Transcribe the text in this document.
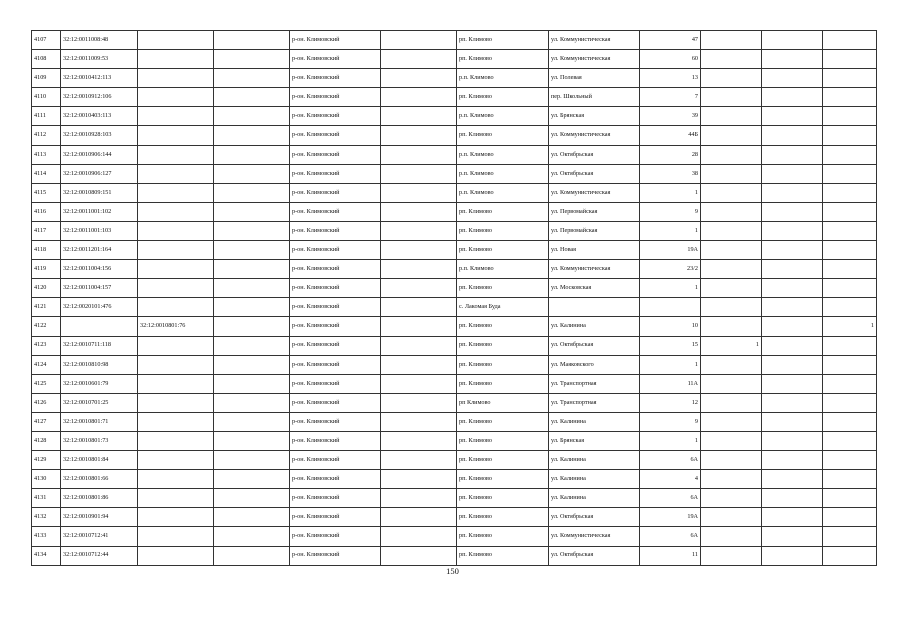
4107	32:12:0011008:48			р-он. Климовский		рп. Климово	ул. Коммунистическая	47			
4108	32:12:0011009:53			р-он. Климовский		рп. Климово	ул. Коммунистическая	60			
4109	32:12:0010412:113			р-он. Климовский		р.п. Климово	ул. Полевая	13			
4110	32:12:0010912:106			р-он. Климовский		рп. Климово	пер. Школьный	7			
4111	32:12:0010403:113			р-он. Климовский		р.п. Климово	ул. Брянская	39			
4112	32:12:0010928:103			р-он. Климовский		рп. Климово	ул. Коммунистическая	44Б			
4113	32:12:0010906:144			р-он. Климовский		р.п. Климово	ул. Октябрьская	28			
4114	32:12:0010906:127			р-он. Климовский		р.п. Климово	ул. Октябрьская	38			
4115	32:12:0010809:151			р-он. Климовский		р.п. Климово	ул. Коммунистическая	1			
4116	32:12:0011001:102			р-он. Климовский		рп. Климово	ул. Первомайская	9			
4117	32:12:0011001:103			р-он. Климовский		рп. Климово	ул. Первомайская	1			
4118	32:12:0011201:164			р-он. Климовский		рп. Климово	ул. Новая	19А			
4119	32:12:0011004:156			р-он. Климовский		р.п. Климово	ул. Коммунистическая	23/2			
4120	32:12:0011004:157			р-он. Климовский		рп. Климово	ул. Московская	1			
4121	32:12:0020101:476			р-он. Климовский		с. Лакомая Буда					
4122		32:12:0010801:76		р-он. Климовский		рп. Климово	ул. Калинина	10			1
4123	32:12:0010711:118			р-он. Климовский		рп. Климово	ул. Октябрьская	15	1		
4124	32:12:0010810:98			р-он. Климовский		рп. Климово	ул. Маяковского	1			
4125	32:12:0010601:79			р-он. Климовский		рп. Климово	ул. Транспортная	11А			
4126	32:12:0010701:25			р-он. Климовский		рп Климово	ул. Транспортная	12			
4127	32:12:0010801:71			р-он. Климовский		рп. Климово	ул. Калинина	9			
4128	32:12:0010801:73			р-он. Климовский		рп. Климово	ул. Брянская	1			
4129	32:12:0010801:84			р-он. Климовский		рп. Климово	ул. Калинина	6А			
4130	32:12:0010801:66			р-он. Климовский		рп. Климово	ул. Калинина	4			
4131	32:12:0010801:86			р-он. Климовский		рп. Климово	ул. Калинина	6А			
4132	32:12:0010901:94			р-он. Климовский		рп. Климово	ул. Октябрьская	19А			
4133	32:12:0010712:41			р-он. Климовский		рп. Климово	ул. Коммунистическая	6А			
4134	32:12:0010712:44			р-он. Климовский		рп. Климово	ул. Октябрьская	11			
150
